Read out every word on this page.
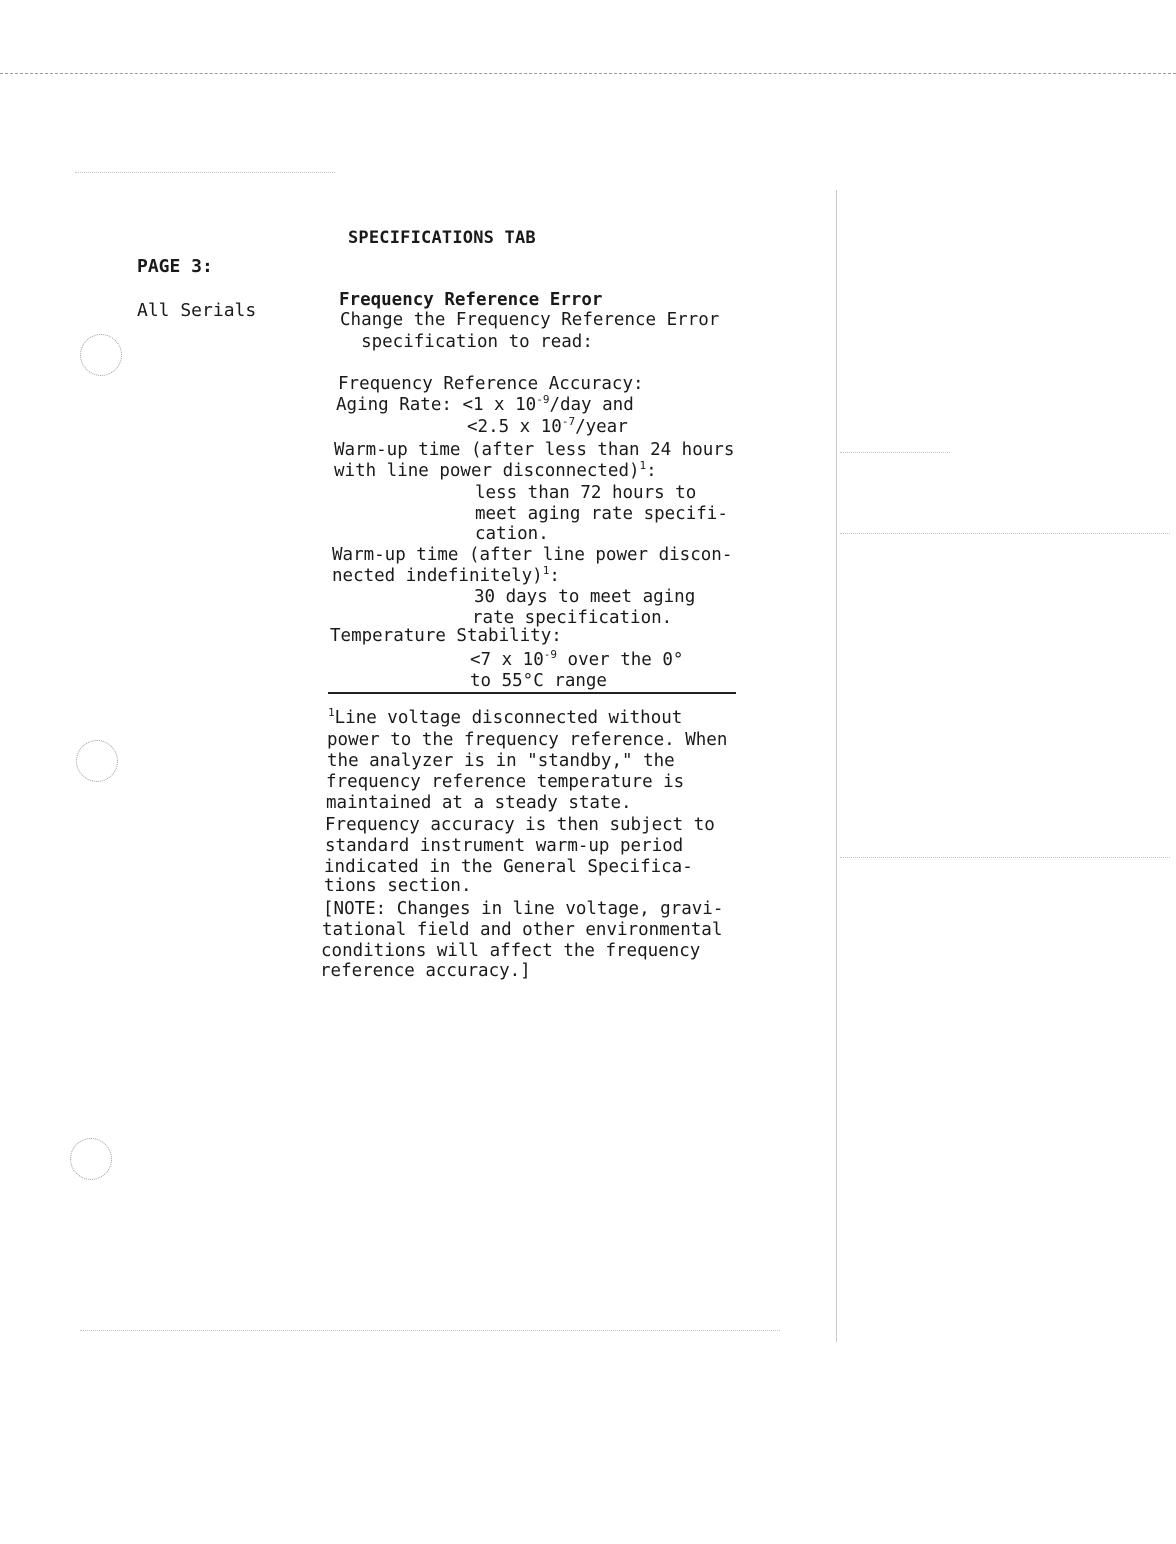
SPECIFICATIONS TAB
PAGE 3:
All Serials	Frequency Reference Error
Change the Frequency Reference Error
specification to read:
Frequency Reference Accuracy:
Aging Rate: <1 x $10^{-9}$/day and
<2.5 x $10^{-7}$/year
Warm-up time (after less than 24 hours
with line power disconnected)$^1$:
less than 72 hours to
meet aging rate specifi-
cation.
Warm-up time (after line power discon-
nected indefinitely)$^1$:
30 days to meet aging
rate specification.
Temperature Stability:
<7 x $10^{-9}$ over the 0°
to 55°C range
$^1$Line voltage disconnected without
power to the frequency reference. When
the analyzer is in "standby," the
frequency reference temperature is
maintained at a steady state.
Frequency accuracy is then subject to
standard instrument warm-up period
indicated in the General Specifica-
tions section.
[NOTE: Changes in line voltage, gravi-
tational field and other environmental
conditions will affect the frequency
reference accuracy.]
